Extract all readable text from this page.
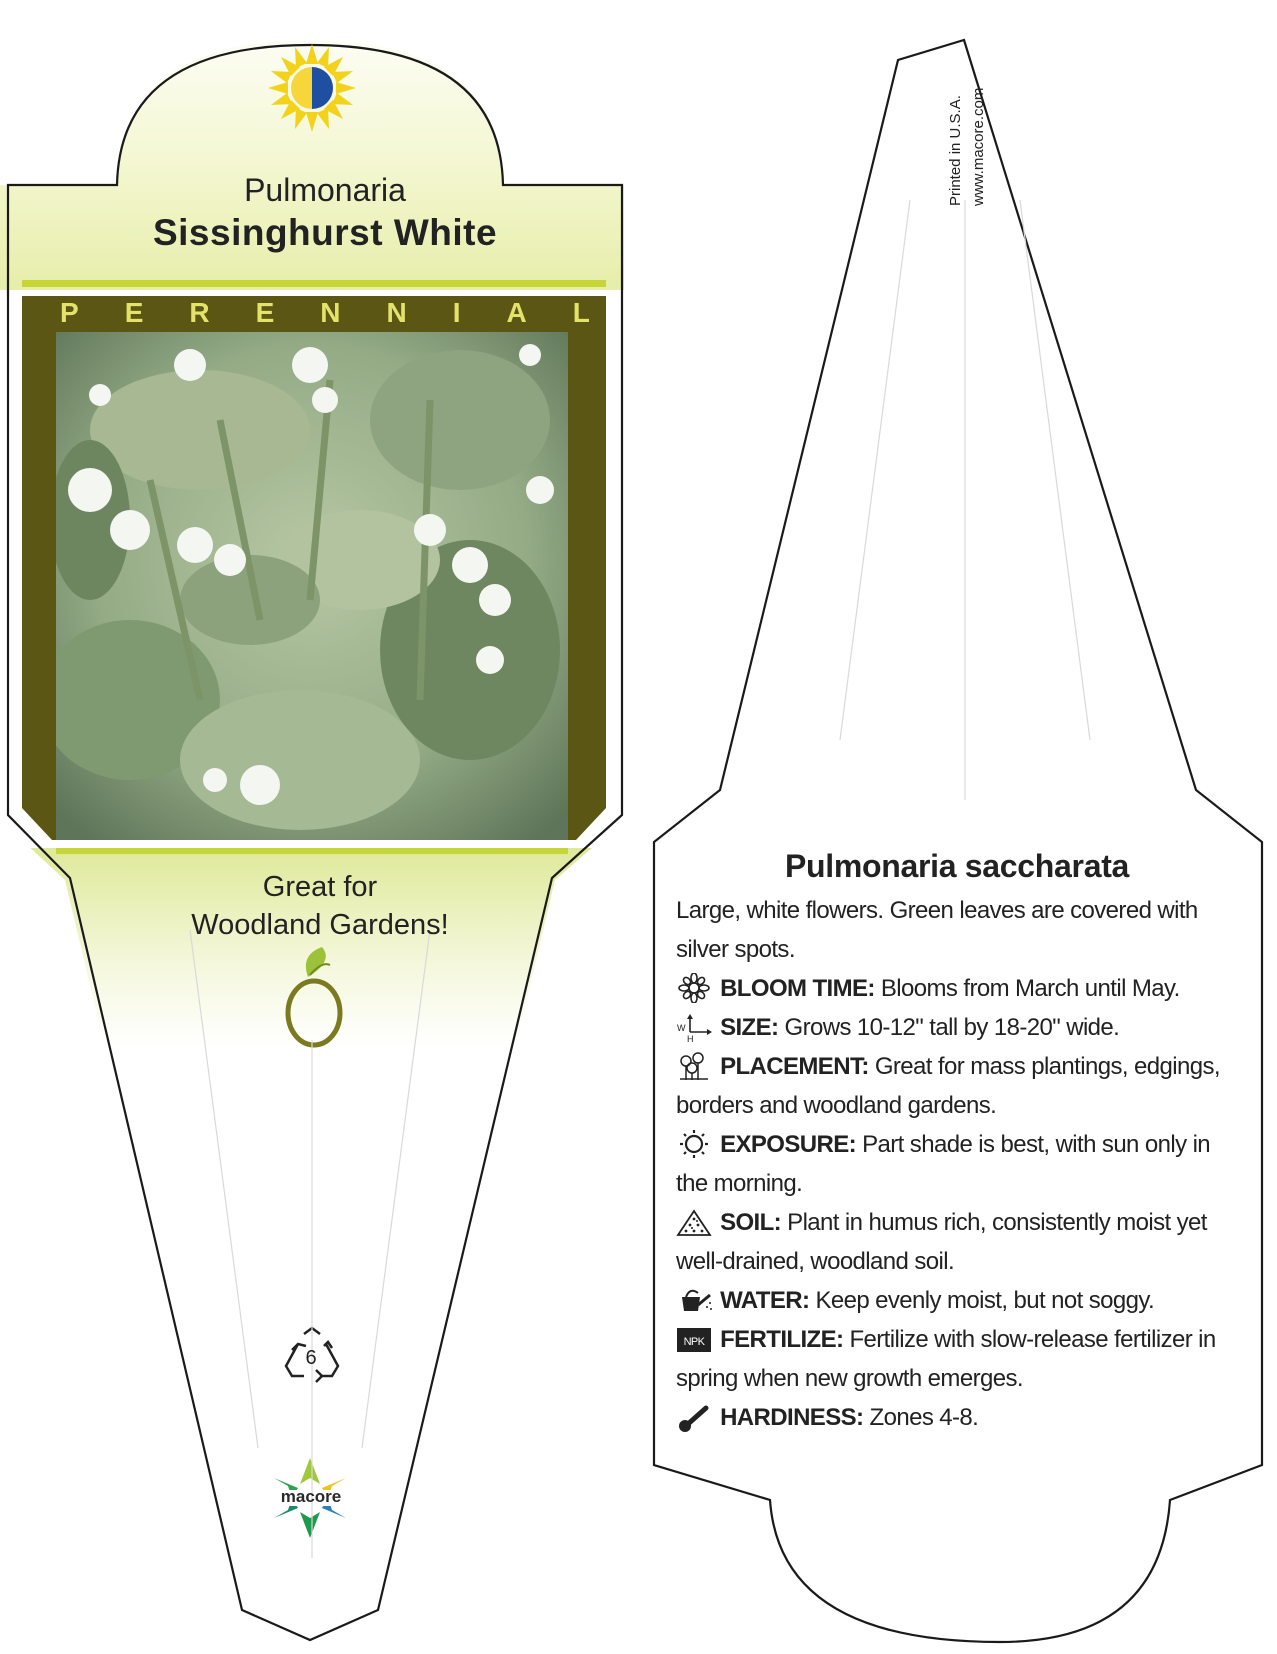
Pulmonaria
Sissinghurst White
P E R E N N I A L
Great for
Woodland Gardens!
6
macore
Printed in U.S.A. www.macore.com
Pulmonaria saccharata

Large, white flowers. Green leaves are covered with silver spots.

BLOOM TIME: Blooms from March until May.

W
H SIZE: Grows 10-12" tall by 18-20" wide.

PLACEMENT: Great for mass plantings, edgings, borders and woodland gardens.

EXPOSURE: Part shade is best, with sun only in the morning.

SOIL: Plant in humus rich, consistently moist yet well-drained, woodland soil.

WATER: Keep evenly moist, but not soggy.

NPK FERTILIZE: Fertilize with slow-release fertilizer in spring when new growth emerges.

HARDINESS: Zones 4-8.
